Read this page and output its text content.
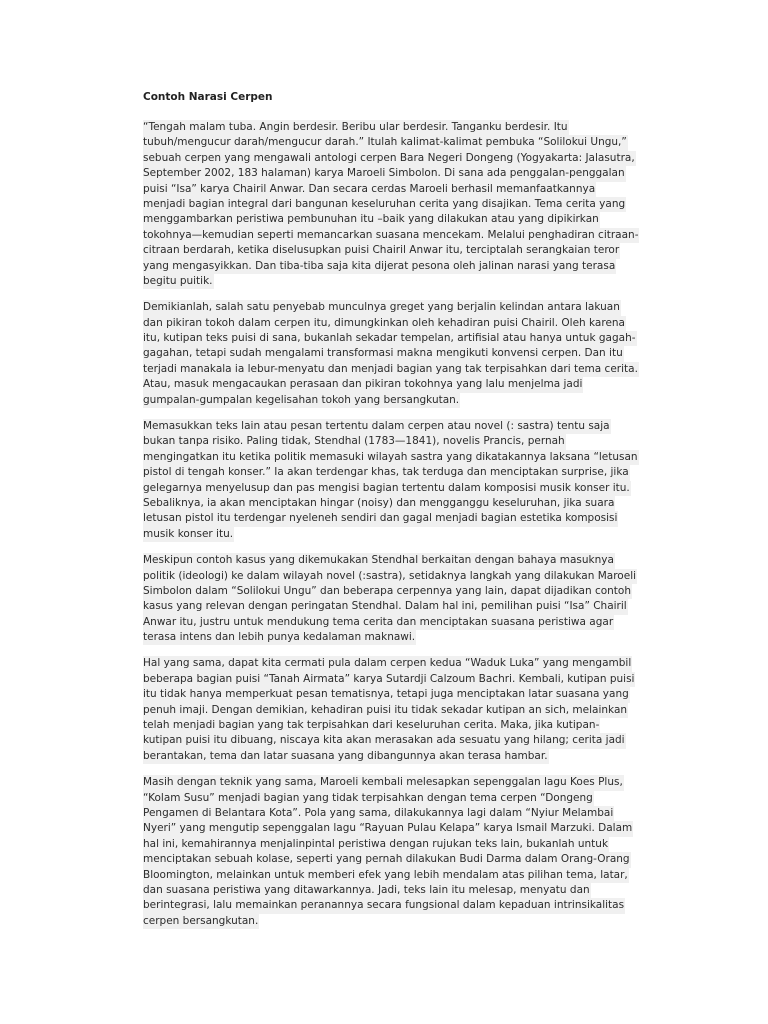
Contoh Narasi Cerpen
“Tengah malam tuba. Angin berdesir. Beribu ular berdesir. Tanganku berdesir. Itu
tubuh/mengucur darah/mengucur darah.” Itulah kalimat-kalimat pembuka “Solilokui Ungu,”
sebuah cerpen yang mengawali antologi cerpen Bara Negeri Dongeng (Yogyakarta: Jalasutra,
September 2002, 183 halaman) karya Maroeli Simbolon. Di sana ada penggalan-penggalan
puisi “Isa” karya Chairil Anwar. Dan secara cerdas Maroeli berhasil memanfaatkannya
menjadi bagian integral dari bangunan keseluruhan cerita yang disajikan. Tema cerita yang
menggambarkan peristiwa pembunuhan itu –baik yang dilakukan atau yang dipikirkan
tokohnya—kemudian seperti memancarkan suasana mencekam. Melalui penghadiran citraan-
citraan berdarah, ketika diselusupkan puisi Chairil Anwar itu, terciptalah serangkaian teror
yang mengasyikkan. Dan tiba-tiba saja kita dijerat pesona oleh jalinan narasi yang terasa
begitu puitik.
Demikianlah, salah satu penyebab munculnya greget yang berjalin kelindan antara lakuan
dan pikiran tokoh dalam cerpen itu, dimungkinkan oleh kehadiran puisi Chairil. Oleh karena
itu, kutipan teks puisi di sana, bukanlah sekadar tempelan, artifisial atau hanya untuk gagah-
gagahan, tetapi sudah mengalami transformasi makna mengikuti konvensi cerpen. Dan itu
terjadi manakala ia lebur-menyatu dan menjadi bagian yang tak terpisahkan dari tema cerita.
Atau, masuk mengacaukan perasaan dan pikiran tokohnya yang lalu menjelma jadi
gumpalan-gumpalan kegelisahan tokoh yang bersangkutan.
Memasukkan teks lain atau pesan tertentu dalam cerpen atau novel (: sastra) tentu saja
bukan tanpa risiko. Paling tidak, Stendhal (1783—1841), novelis Prancis, pernah
mengingatkan itu ketika politik memasuki wilayah sastra yang dikatakannya laksana “letusan
pistol di tengah konser.” Ia akan terdengar khas, tak terduga dan menciptakan surprise, jika
gelegarnya menyelusup dan pas mengisi bagian tertentu dalam komposisi musik konser itu.
Sebaliknya, ia akan menciptakan hingar (noisy) dan mengganggu keseluruhan, jika suara
letusan pistol itu terdengar nyeleneh sendiri dan gagal menjadi bagian estetika komposisi
musik konser itu.
Meskipun contoh kasus yang dikemukakan Stendhal berkaitan dengan bahaya masuknya
politik (ideologi) ke dalam wilayah novel (:sastra), setidaknya langkah yang dilakukan Maroeli
Simbolon dalam “Solilokui Ungu” dan beberapa cerpennya yang lain, dapat dijadikan contoh
kasus yang relevan dengan peringatan Stendhal. Dalam hal ini, pemilihan puisi “Isa” Chairil
Anwar itu, justru untuk mendukung tema cerita dan menciptakan suasana peristiwa agar
terasa intens dan lebih punya kedalaman maknawi.
Hal yang sama, dapat kita cermati pula dalam cerpen kedua “Waduk Luka” yang mengambil
beberapa bagian puisi “Tanah Airmata” karya Sutardji Calzoum Bachri. Kembali, kutipan puisi
itu tidak hanya memperkuat pesan tematisnya, tetapi juga menciptakan latar suasana yang
penuh imaji. Dengan demikian, kehadiran puisi itu tidak sekadar kutipan an sich, melainkan
telah menjadi bagian yang tak terpisahkan dari keseluruhan cerita. Maka, jika kutipan-
kutipan puisi itu dibuang, niscaya kita akan merasakan ada sesuatu yang hilang; cerita jadi
berantakan, tema dan latar suasana yang dibangunnya akan terasa hambar.
Masih dengan teknik yang sama, Maroeli kembali melesapkan sepenggalan lagu Koes Plus,
“Kolam Susu” menjadi bagian yang tidak terpisahkan dengan tema cerpen “Dongeng
Pengamen di Belantara Kota”. Pola yang sama, dilakukannya lagi dalam “Nyiur Melambai
Nyeri” yang mengutip sepenggalan lagu “Rayuan Pulau Kelapa” karya Ismail Marzuki. Dalam
hal ini, kemahirannya menjalinpintal peristiwa dengan rujukan teks lain, bukanlah untuk
menciptakan sebuah kolase, seperti yang pernah dilakukan Budi Darma dalam Orang-Orang
Bloomington, melainkan untuk memberi efek yang lebih mendalam atas pilihan tema, latar,
dan suasana peristiwa yang ditawarkannya. Jadi, teks lain itu melesap, menyatu dan
berintegrasi, lalu memainkan peranannya secara fungsional dalam kepaduan intrinsikalitas
cerpen bersangkutan.
